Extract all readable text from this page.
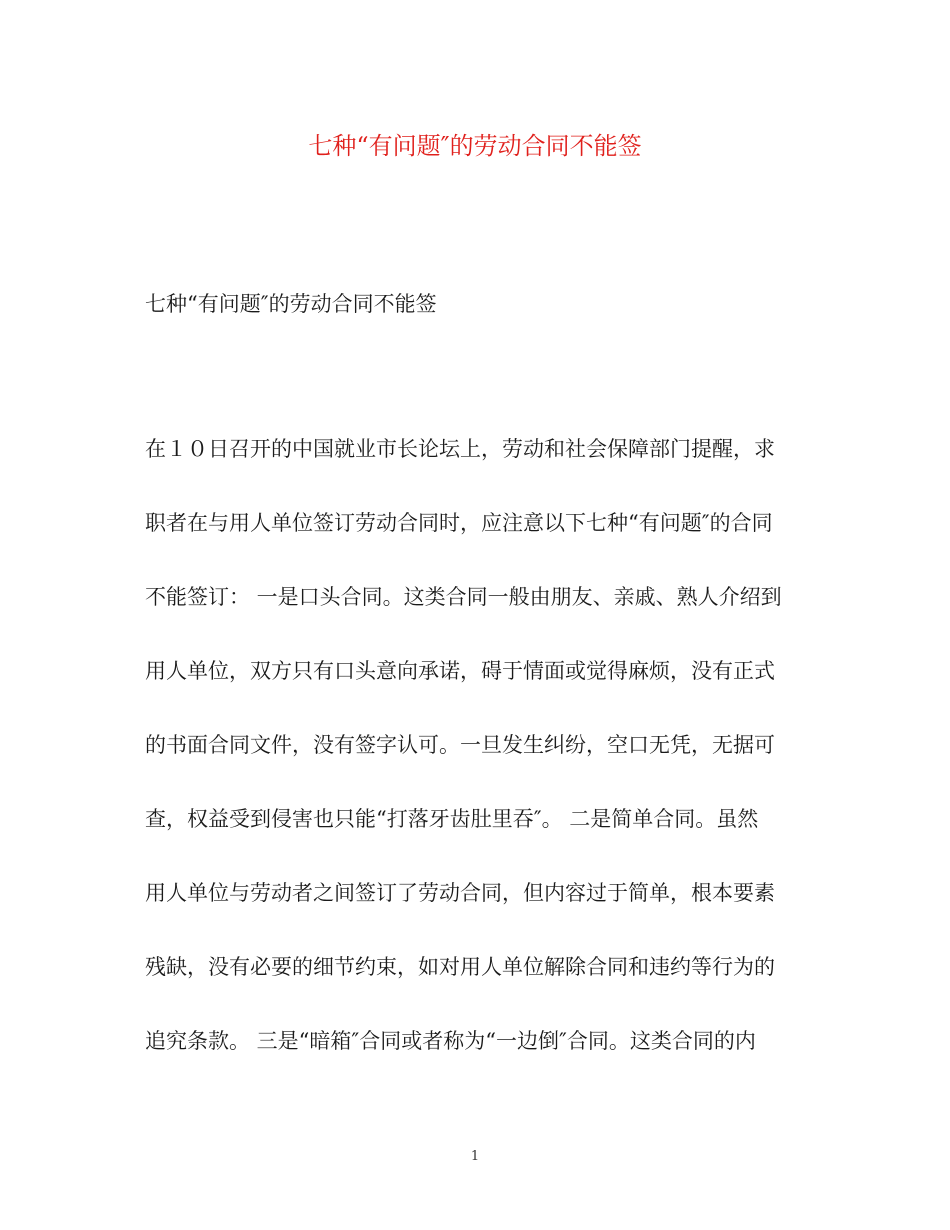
七种“有问题″的劳动合同不能签

七种“有问题″的劳动合同不能签

在１０日召开的中国就业市长论坛上，劳动和社会保障部门提醒，求

职者在与用人单位签订劳动合同时，应注意以下七种“有问题″的合同

不能签订： 一是口头合同。这类合同一般由朋友、亲戚、熟人介绍到

用人单位，双方只有口头意向承诺，碍于情面或觉得麻烦，没有正式

的书面合同文件，没有签字认可。一旦发生纠纷，空口无凭，无据可

查，权益受到侵害也只能“打落牙齿肚里吞″。 二是简单合同。虽然

用人单位与劳动者之间签订了劳动合同，但内容过于简单，根本要素

残缺，没有必要的细节约束，如对用人单位解除合同和违约等行为的

追究条款。 三是“暗箱″合同或者称为“一边倒″合同。这类合同的内

1
